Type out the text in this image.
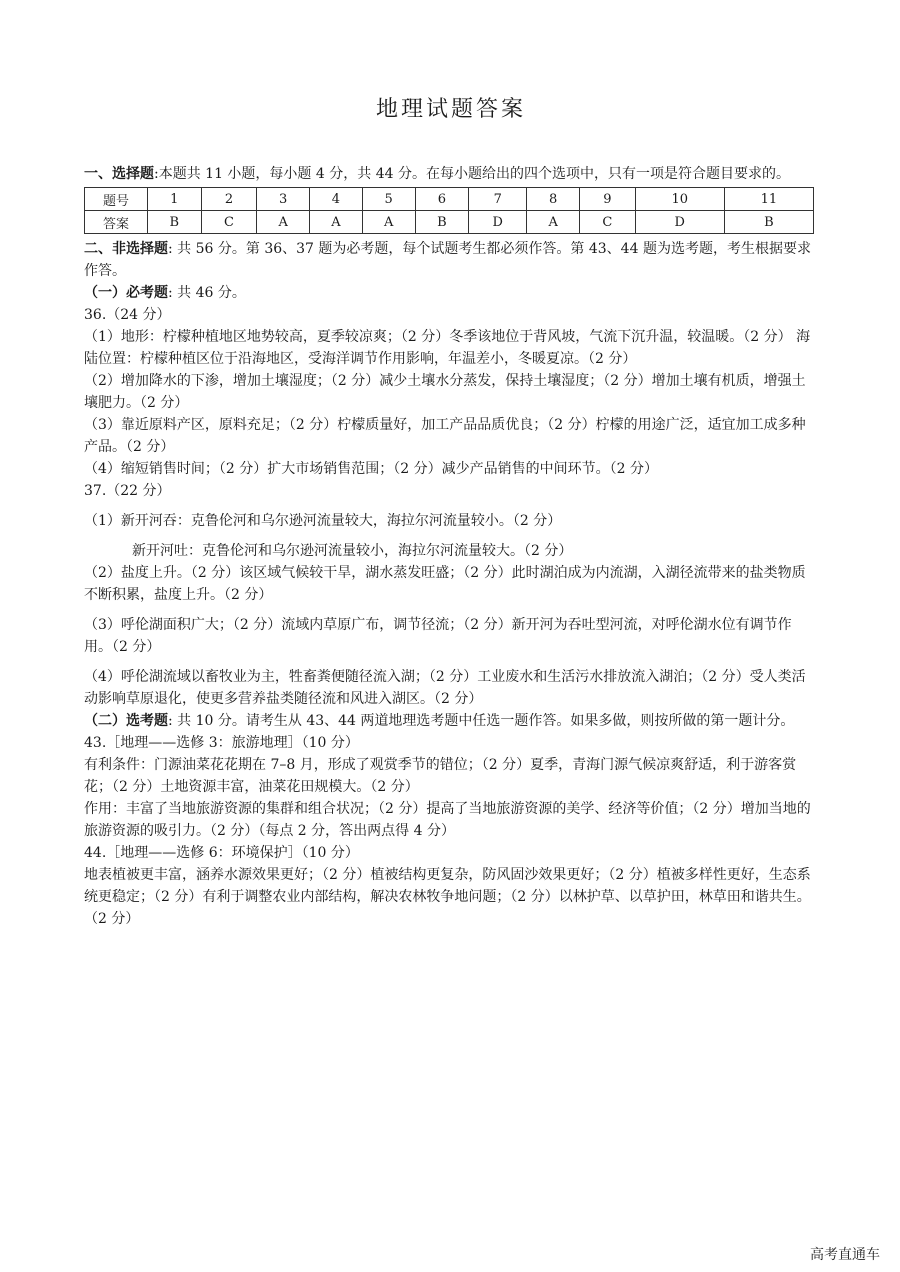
地理试题答案

一、选择题:本题共 11 小题，每小题 4 分，共 44 分。在每小题给出的四个选项中，只有一项是符合题目要求的。

题号	1	2	3	4	5	6	7	8	9	10	11
答案	B	C	A	A	A	B	D	A	C	D	B

二、非选择题: 共 56 分。第 36、37 题为必考题，每个试题考生都必须作答。第 43、44 题为选考题，考生根据要求作答。

（一）必考题: 共 46 分。

36.（24 分）

（1）地形：柠檬种植地区地势较高，夏季较凉爽；（2 分）冬季该地位于背风坡，气流下沉升温，较温暖。（2 分） 海陆位置：柠檬种植区位于沿海地区，受海洋调节作用影响，年温差小，冬暖夏凉。（2 分）

（2）增加降水的下渗，增加土壤湿度；（2 分）减少土壤水分蒸发，保持土壤湿度；（2 分）增加土壤有机质，增强土壤肥力。（2 分）

（3）靠近原料产区，原料充足；（2 分）柠檬质量好，加工产品品质优良；（2 分）柠檬的用途广泛，适宜加工成多种产品。（2 分）

（4）缩短销售时间；（2 分）扩大市场销售范围；（2 分）减少产品销售的中间环节。（2 分）

37.（22 分）

（1）新开河吞：克鲁伦河和乌尔逊河流量较大，海拉尔河流量较小。（2 分）

新开河吐：克鲁伦河和乌尔逊河流量较小，海拉尔河流量较大。（2 分）

（2）盐度上升。（2 分）该区域气候较干旱，湖水蒸发旺盛；（2 分）此时湖泊成为内流湖，入湖径流带来的盐类物质不断积累，盐度上升。（2 分）

（3）呼伦湖面积广大；（2 分）流域内草原广布，调节径流；（2 分）新开河为吞吐型河流，对呼伦湖水位有调节作用。（2 分）

（4）呼伦湖流域以畜牧业为主，牲畜粪便随径流入湖；（2 分）工业废水和生活污水排放流入湖泊；（2 分）受人类活动影响草原退化，使更多营养盐类随径流和风进入湖区。（2 分）

（二）选考题: 共 10 分。请考生从 43、44 两道地理选考题中任选一题作答。如果多做，则按所做的第一题计分。

43.［地理——选修 3：旅游地理］（10 分）

有利条件：门源油菜花花期在 7–8 月，形成了观赏季节的错位；（2 分）夏季，青海门源气候凉爽舒适，利于游客赏花；（2 分）土地资源丰富，油菜花田规模大。（2 分）

作用：丰富了当地旅游资源的集群和组合状况；（2 分）提高了当地旅游资源的美学、经济等价值；（2 分）增加当地的旅游资源的吸引力。（2 分）（每点 2 分，答出两点得 4 分）

44.［地理——选修 6：环境保护］（10 分）

地表植被更丰富，涵养水源效果更好；（2 分）植被结构更复杂，防风固沙效果更好；（2 分）植被多样性更好，生态系统更稳定；（2 分）有利于调整农业内部结构，解决农林牧争地问题；（2 分）以林护草、以草护田，林草田和谐共生。（2 分）

高考直通车
